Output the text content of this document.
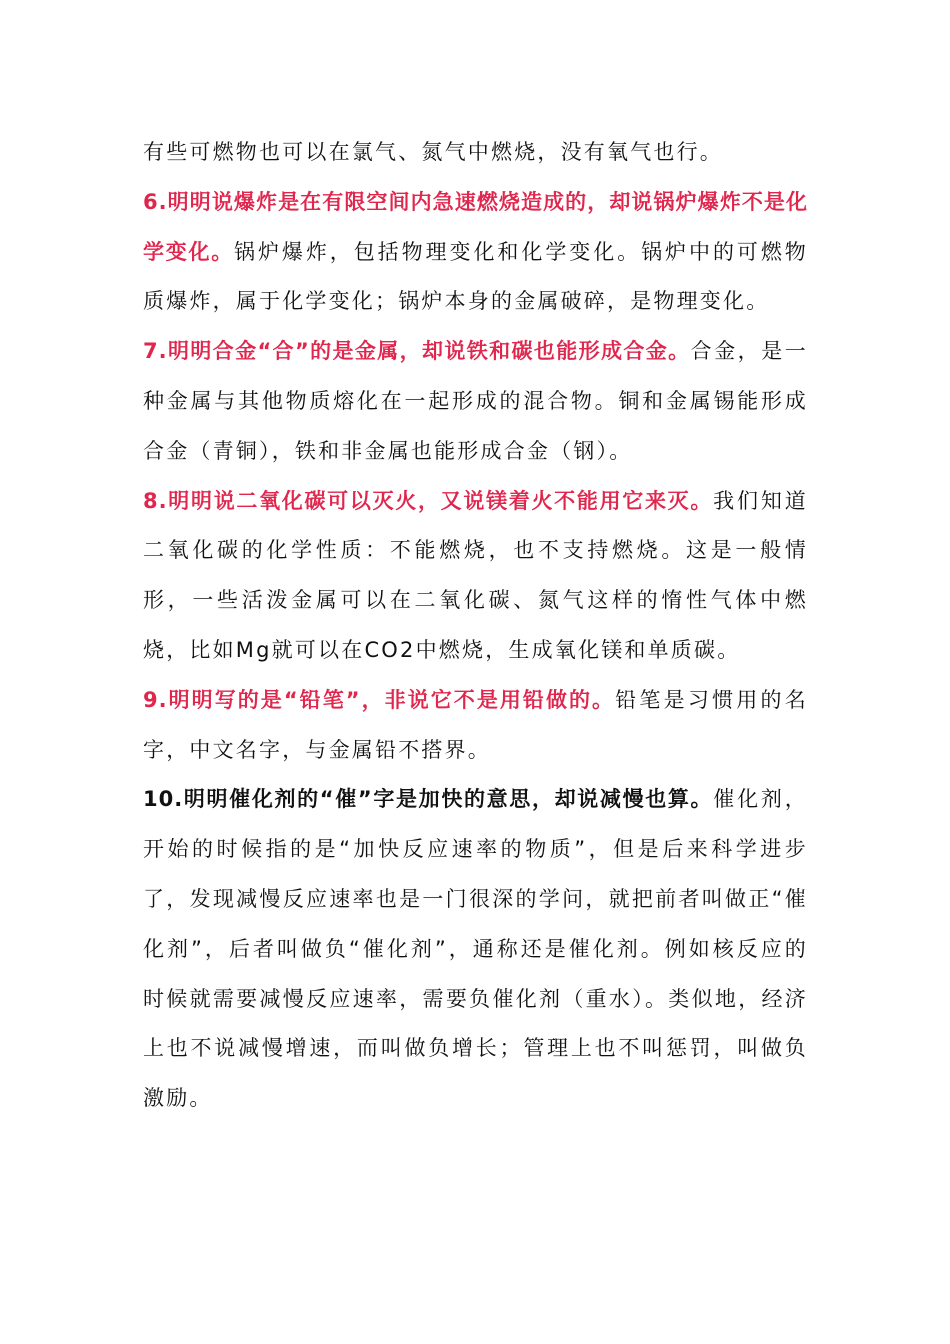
有些可燃物也可以在氯气、氮气中燃烧，没有氧气也行。

6.明明说爆炸是在有限空间内急速燃烧造成的，却说锅炉爆炸不是化学变化。锅炉爆炸，包括物理变化和化学变化。锅炉中的可燃物质爆炸，属于化学变化；锅炉本身的金属破碎，是物理变化。

7.明明合金“合”的是金属，却说铁和碳也能形成合金。合金，是一种金属与其他物质熔化在一起形成的混合物。铜和金属锡能形成合金（青铜），铁和非金属也能形成合金（钢）。

8.明明说二氧化碳可以灭火，又说镁着火不能用它来灭。我们知道二氧化碳的化学性质：不能燃烧，也不支持燃烧。这是一般情形，一些活泼金属可以在二氧化碳、氮气这样的惰性气体中燃烧，比如Mg就可以在CO2中燃烧，生成氧化镁和单质碳。

9.明明写的是“铅笔”，非说它不是用铅做的。铅笔是习惯用的名字，中文名字，与金属铅不搭界。

10.明明催化剂的“催”字是加快的意思，却说减慢也算。催化剂，开始的时候指的是“加快反应速率的物质”，但是后来科学进步了，发现减慢反应速率也是一门很深的学问，就把前者叫做正“催化剂”，后者叫做负“催化剂”，通称还是催化剂。例如核反应的时候就需要减慢反应速率，需要负催化剂（重水）。类似地，经济上也不说减慢增速，而叫做负增长；管理上也不叫惩罚，叫做负激励。
